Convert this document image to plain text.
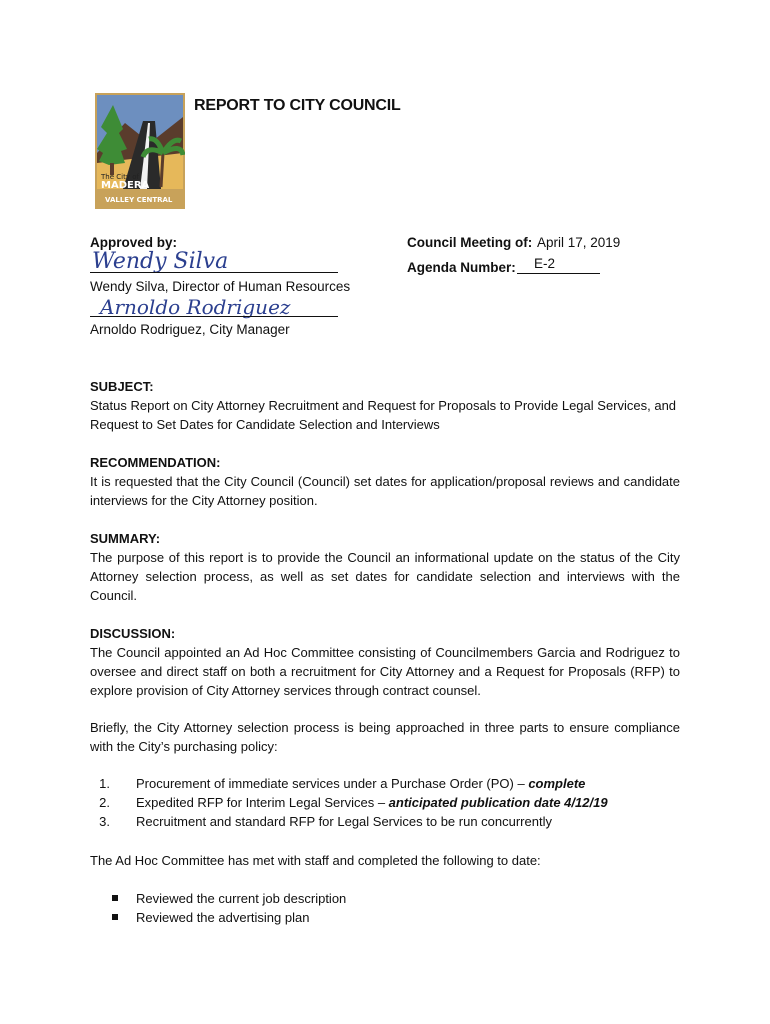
The City of
MADERA
VALLEY CENTRAL
REPORT TO CITY COUNCIL
Approved by:
Wendy Silva
Wendy Silva, Director of Human Resources
Arnoldo Rodriguez
Arnoldo Rodriguez, City Manager
Council Meeting of: April 17, 2019
Agenda Number: E-2

SUBJECT:

Status Report on City Attorney Recruitment and Request for Proposals to Provide Legal Services, and Request to Set Dates for Candidate Selection and Interviews

RECOMMENDATION:

It is requested that the City Council (Council) set dates for application/proposal reviews and candidate interviews for the City Attorney position.

SUMMARY:

The purpose of this report is to provide the Council an informational update on the status of the City Attorney selection process, as well as set dates for candidate selection and interviews with the Council.

DISCUSSION:

The Council appointed an Ad Hoc Committee consisting of Councilmembers Garcia and Rodriguez to oversee and direct staff on both a recruitment for City Attorney and a Request for Proposals (RFP) to explore provision of City Attorney services through contract counsel.

Briefly, the City Attorney selection process is being approached in three parts to ensure compliance with the City’s purchasing policy:

1. Procurement of immediate services under a Purchase Order (PO) – complete
2. Expedited RFP for Interim Legal Services – anticipated publication date 4/12/19
3. Recruitment and standard RFP for Legal Services to be run concurrently

The Ad Hoc Committee has met with staff and completed the following to date:

Reviewed the current job description
Reviewed the advertising plan
